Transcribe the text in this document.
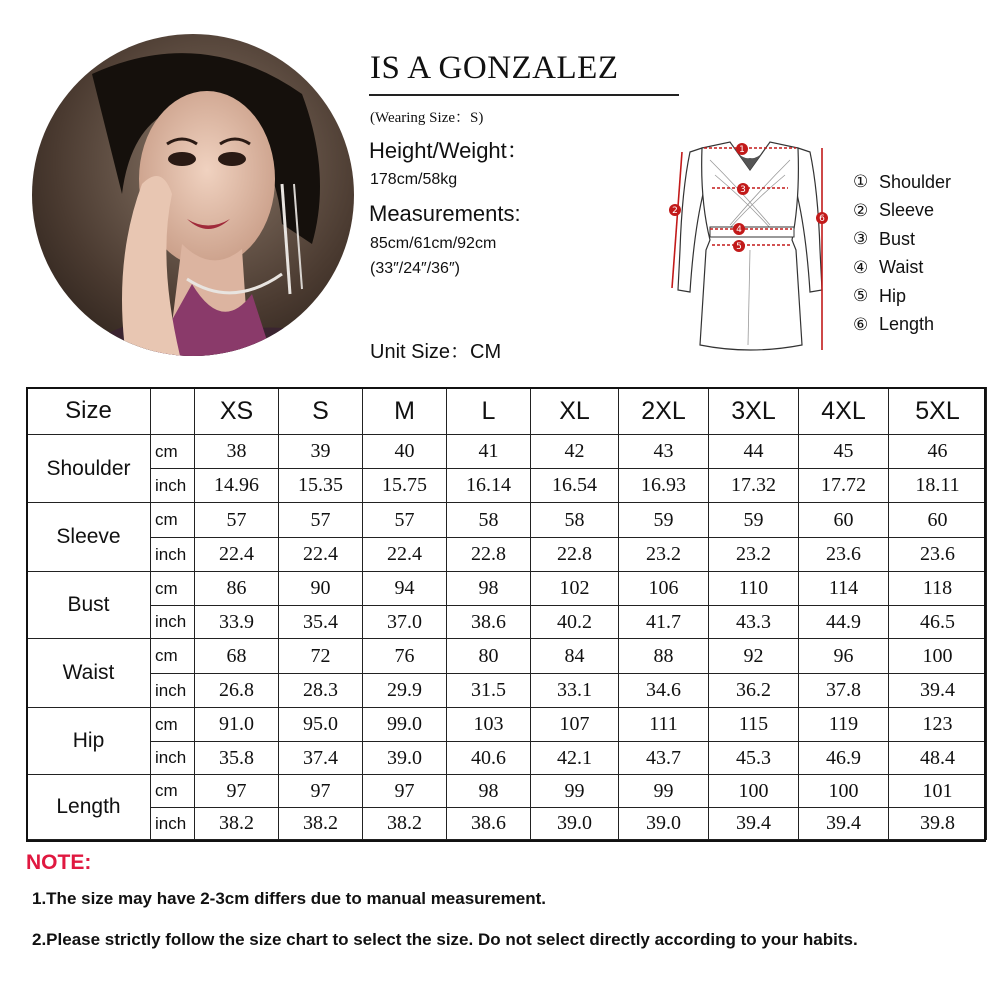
IS A GONZALEZ
(Wearing Size：S)
Height/Weight：
178cm/58kg
Measurements:
85cm/61cm/92cm
(33″/24″/36″)
Unit Size：CM
1
2
3
4
5
6
① Shoulder
② Sleeve
③ Bust
④ Waist
⑤ Hip
⑥ Length
Size		XS	S	M	L	XL	2XL	3XL	4XL	5XL
Shoulder	cm	38	39	40	41	42	43	44	45	46
	inch	14.96	15.35	15.75	16.14	16.54	16.93	17.32	17.72	18.11
Sleeve	cm	57	57	57	58	58	59	59	60	60
	inch	22.4	22.4	22.4	22.8	22.8	23.2	23.2	23.6	23.6
Bust	cm	86	90	94	98	102	106	110	114	118
	inch	33.9	35.4	37.0	38.6	40.2	41.7	43.3	44.9	46.5
Waist	cm	68	72	76	80	84	88	92	96	100
	inch	26.8	28.3	29.9	31.5	33.1	34.6	36.2	37.8	39.4
Hip	cm	91.0	95.0	99.0	103	107	111	115	119	123
	inch	35.8	37.4	39.0	40.6	42.1	43.7	45.3	46.9	48.4
Length	cm	97	97	97	98	99	99	100	100	101
	inch	38.2	38.2	38.2	38.6	39.0	39.0	39.4	39.4	39.8
NOTE:
1.The size may have 2-3cm differs due to manual measurement.
2.Please strictly follow the size chart to select the size. Do not select directly according to your habits.
